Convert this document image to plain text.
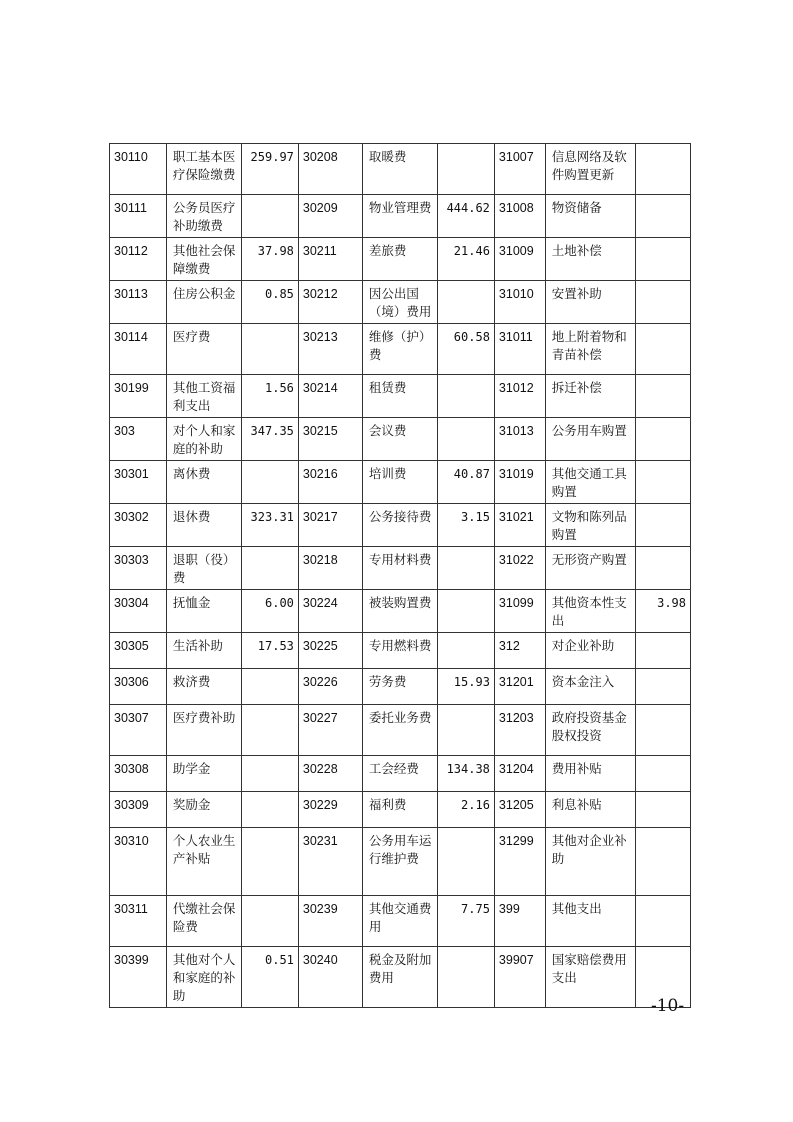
30110	职工基本医疗保险缴费	259.97	30208	取暖费		31007	信息网络及软件购置更新	
30111	公务员医疗补助缴费		30209	物业管理费	444.62	31008	物资储备	
30112	其他社会保障缴费	37.98	30211	差旅费	21.46	31009	土地补偿	
30113	住房公积金	0.85	30212	因公出国（境）费用		31010	安置补助	
30114	医疗费		30213	维修（护）费	60.58	31011	地上附着物和青苗补偿	
30199	其他工资福利支出	1.56	30214	租赁费		31012	拆迁补偿	
303	对个人和家庭的补助	347.35	30215	会议费		31013	公务用车购置	
30301	离休费		30216	培训费	40.87	31019	其他交通工具购置	
30302	退休费	323.31	30217	公务接待费	3.15	31021	文物和陈列品购置	
30303	退职（役）费		30218	专用材料费		31022	无形资产购置	
30304	抚恤金	6.00	30224	被装购置费		31099	其他资本性支出	3.98
30305	生活补助	17.53	30225	专用燃料费		312	对企业补助	
30306	救济费		30226	劳务费	15.93	31201	资本金注入	
30307	医疗费补助		30227	委托业务费		31203	政府投资基金股权投资	
30308	助学金		30228	工会经费	134.38	31204	费用补贴	
30309	奖励金		30229	福利费	2.16	31205	利息补贴	
30310	个人农业生产补贴		30231	公务用车运行维护费		31299	其他对企业补助	
30311	代缴社会保险费		30239	其他交通费用	7.75	399	其他支出	
30399	其他对个人和家庭的补助	0.51	30240	税金及附加费用		39907	国家赔偿费用支出	
-10-
